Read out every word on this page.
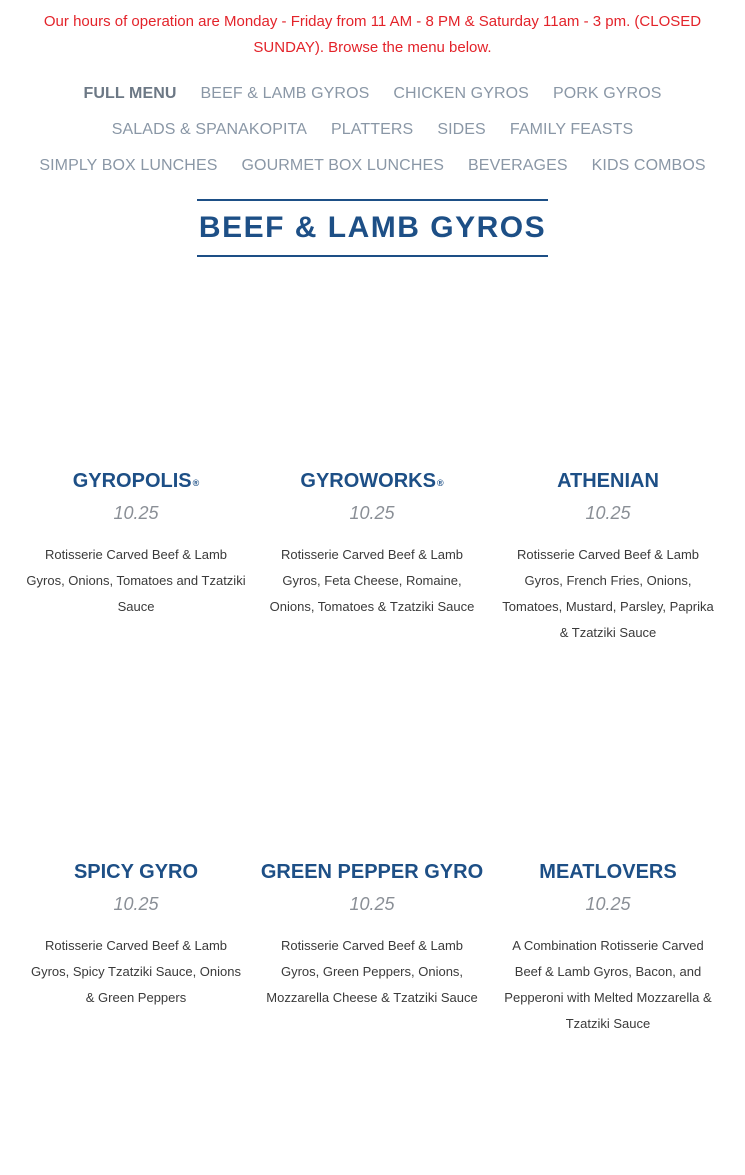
Our hours of operation are Monday - Friday from 11 AM - 8 PM & Saturday 11am - 3 pm. (CLOSED SUNDAY). Browse the menu below.
FULL MENU BEEF & LAMB GYROS CHICKEN GYROS PORK GYROS
SALADS & SPANAKOPITA PLATTERS SIDES FAMILY FEASTS
SIMPLY BOX LUNCHES GOURMET BOX LUNCHES BEVERAGES KIDS COMBOS
BEEF & LAMB GYROS
GYROPOLIS®
10.25
Rotisserie Carved Beef & Lamb Gyros, Onions, Tomatoes and Tzatziki Sauce
GYROWORKS®
10.25
Rotisserie Carved Beef & Lamb Gyros, Feta Cheese, Romaine, Onions, Tomatoes & Tzatziki Sauce
ATHENIAN
10.25
Rotisserie Carved Beef & Lamb Gyros, French Fries, Onions, Tomatoes, Mustard, Parsley, Paprika & Tzatziki Sauce
SPICY GYRO
10.25
Rotisserie Carved Beef & Lamb Gyros, Spicy Tzatziki Sauce, Onions & Green Peppers
GREEN PEPPER GYRO
10.25
Rotisserie Carved Beef & Lamb Gyros, Green Peppers, Onions, Mozzarella Cheese & Tzatziki Sauce
MEATLOVERS
10.25
A Combination Rotisserie Carved Beef & Lamb Gyros, Bacon, and Pepperoni with Melted Mozzarella & Tzatziki Sauce
